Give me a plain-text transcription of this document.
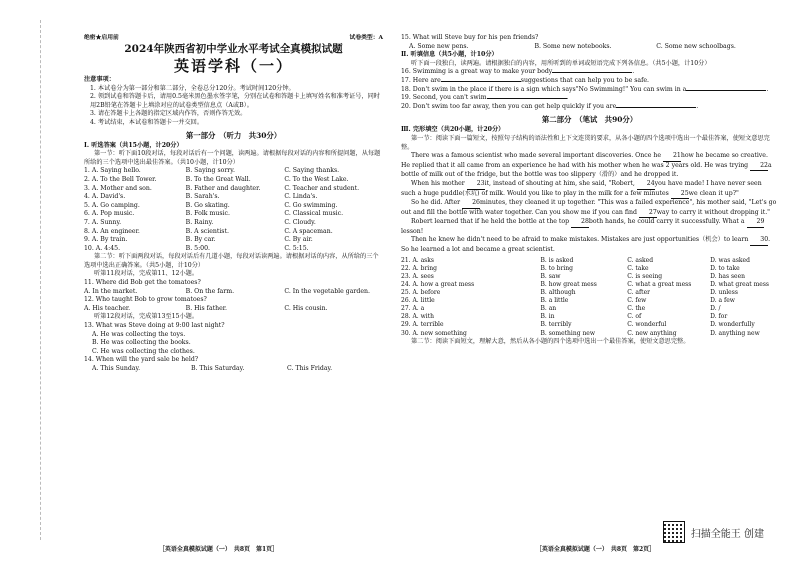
绝密★启用前	试卷类型：A
2024年陕西省初中学业水平考试全真模拟试题
英语学科（一）
注意事项：
1. 本试卷分为第一部分和第二部分，全卷总分120分。考试时间120分钟。
2. 领到试卷和答题卡后，请用0.5毫米黑色墨水签字笔，分别在试卷和答题卡上填写姓名和准考证号，同时用2B铅笔在答题卡上填涂对应的试卷类型信息点（A或B）。
3. 请在答题卡上各题的指定区域内作答，否则作答无效。
4. 考试结束，本试卷和答题卡一并交回。
第一部分　（听力　共30分）
Ⅰ. 听选答案（共15小题，计20分）
第一节：听下面10段对话，每段对话后有一个问题，读两遍。请根据每段对话的内容和所提问题，从每题所给的三个选项中选出最佳答案。（共10小题，计10分）
1. A. Saying hello.	B. Saying sorry.	C. Saying thanks.
2. A. To the Bell Tower.	B. To the Great Wall.	C. To the West Lake.
3. A. Mother and son.	B. Father and daughter.	C. Teacher and student.
4. A. David's.	B. Sarah's.	C. Linda's.
5. A. Go camping.	B. Go skating.	C. Go swimming.
6. A. Pop music.	B. Folk music.	C. Classical music.
7. A. Sunny.	B. Rainy.	C. Cloudy.
8. A. An engineer.	B. A scientist.	C. A spaceman.
9. A. By train.	B. By car.	C. By air.
10. A. 4:45.	B. 5:00.	C. 5:15.
第二节：听下面两段对话，每段对话后有几道小题，每段对话读两遍。请根据对话的内容，从所给的三个选项中选出正确答案。（共5小题，计10分）
听第11段对话，完成第11、12小题。
11. Where did Bob get the tomatoes?
A. In the market.	B. On the farm.	C. In the vegetable garden.
12. Who taught Bob to grow tomatoes?
A. His teacher.	B. His father.	C. His cousin.
听第12段对话，完成第13至15小题。
13. What was Steve doing at 9:00 last night?
A. He was collecting the toys.
B. He was collecting the books.
C. He was collecting the clothes.
14. When will the yard sale be held?
A. This Sunday.	B. This Saturday.	C. This Friday.
［英语全真模拟试题（一）　共8页　第1页］
15. What will Steve buy for his pen friends?
A. Some new pens.	B. Some new notebooks.	C. Some new schoolbags.
Ⅱ. 听填信息（共5小题，计10分）
听下面一段独白，读两遍。请根据独白的内容，用所听到的单词或短语完成下列各信息。（共5小题，计10分）
16. Swimming is a great way to make your body	.
17. Here are	suggestions that can help you to be safe.
18. Don't swim in the place if there is a sign which says"No Swimming!" You can swim in a	.
19. Second, you can't swim	.
20. Don't swim too far away, then you can get help quickly if you are	.
第二部分　（笔试　共90分）
Ⅲ. 完形填空（共20小题，计20分）
第一节：阅读下面一篇短文，按照句子结构的语法性和上下文连贯的要求，从各小题的四个选项中选出一个最佳答案，使短文意思完整。
There was a famous scientist who made several important discoveries. Once he 21how he became so creative. He replied that it all came from an experience he had with his mother when he was 2 years old. He was trying 22a bottle of milk out of the fridge, but the bottle was too slippery（滑的）and he dropped it.
When his mother 23it, instead of shouting at him, she said, "Robert, 24you have made! I have never seen such a huge puddle(水坑) of milk. Would you like to play in the milk for a few minutes 25we clean it up?"
So he did. After 26minutes, they cleaned it up together. "This was a failed experience", his mother said, "Let's go out and fill the bottle with water together. Can you show me if you can find 27way to carry it without dropping it."
Robert learned that if he held the bottle at the top 28both hands, he could carry it successfully. What a 29lesson!
Then he knew he didn't need to be afraid to make mistakes. Mistakes are just opportunities（机会）to learn 30. So he learned a lot and became a great scientist.
21. A. asks	B. is asked	C. asked	D. was asked
22. A. bring	B. to bring	C. take	D. to take
23. A. sees	B. saw	C. is seeing	D. has seen
24. A. how a great mess	B. how great mess	C. what a great mess	D. what great mess
25. A. before	B. although	C. after	D. unless
26. A. little	B. a little	C. few	D. a few
27. A. a	B. an	C. the	D. /
28. A. with	B. in	C. of	D. for
29. A. terrible	B. terribly	C. wonderful	D. wonderfully
30. A. new something	B. something new	C. new anything	D. anything new
第二节：阅读下面短文，理解大意，然后从各小题的四个选项中选出一个最佳答案，使短文意思完整。
［英语全真模拟试题（一）　共8页　第2页］
扫描全能王 创建
